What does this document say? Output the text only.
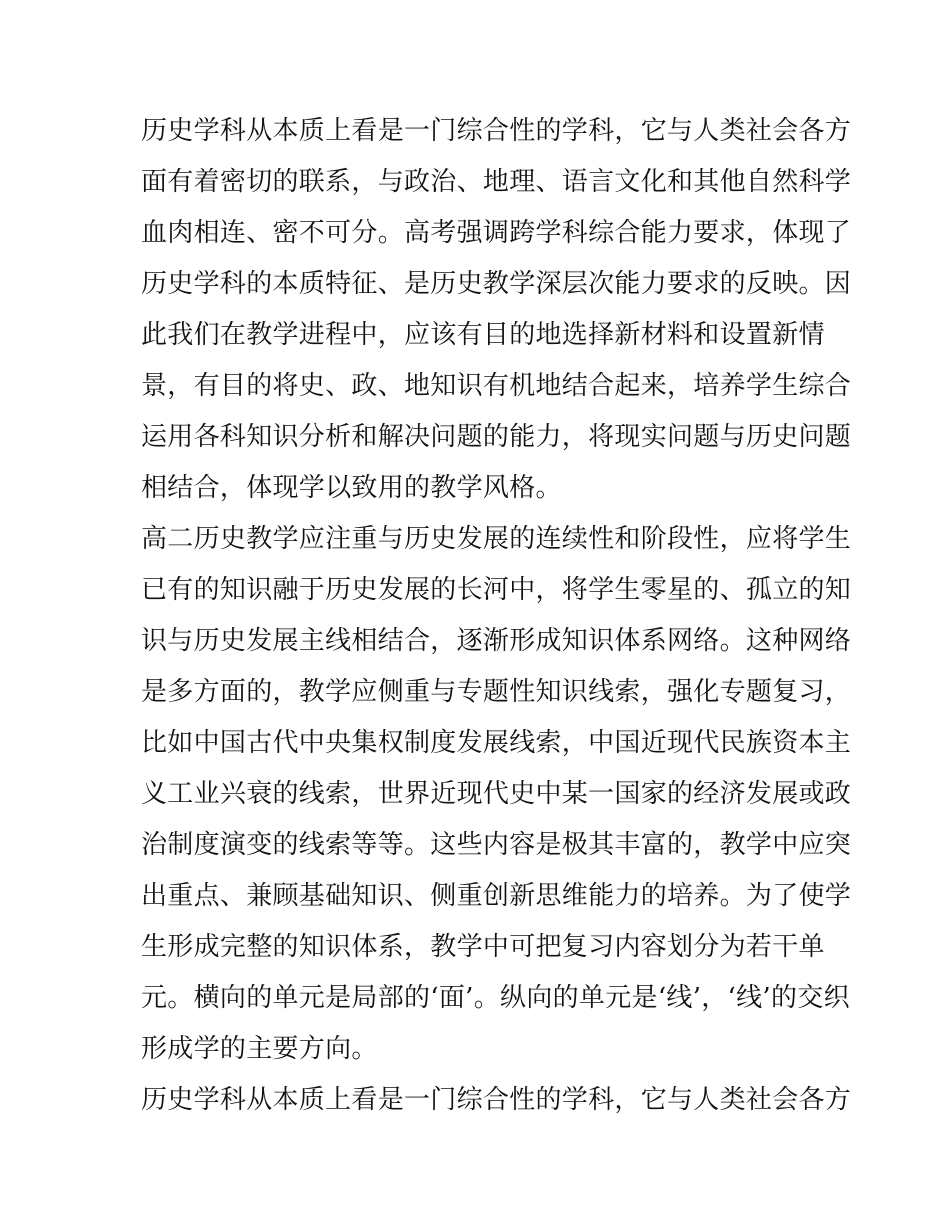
历史学科从本质上看是一门综合性的学科，它与人类社会各方
面有着密切的联系，与政治、地理、语言文化和其他自然科学
血肉相连、密不可分。高考强调跨学科综合能力要求，体现了
历史学科的本质特征、是历史教学深层次能力要求的反映。因
此我们在教学进程中，应该有目的地选择新材料和设置新情
景，有目的将史、政、地知识有机地结合起来，培养学生综合
运用各科知识分析和解决问题的能力，将现实问题与历史问题
相结合，体现学以致用的教学风格。
高二历史教学应注重与历史发展的连续性和阶段性，应将学生
已有的知识融于历史发展的长河中，将学生零星的、孤立的知
识与历史发展主线相结合，逐渐形成知识体系网络。这种网络
是多方面的，教学应侧重与专题性知识线索，强化专题复习，
比如中国古代中央集权制度发展线索，中国近现代民族资本主
义工业兴衰的线索，世界近现代史中某一国家的经济发展或政
治制度演变的线索等等。这些内容是极其丰富的，教学中应突
出重点、兼顾基础知识、侧重创新思维能力的培养。为了使学
生形成完整的知识体系，教学中可把复习内容划分为若干单
元。横向的单元是局部的‘面’。纵向的单元是‘线’，‘线’的交织
形成学的主要方向。
历史学科从本质上看是一门综合性的学科，它与人类社会各方
